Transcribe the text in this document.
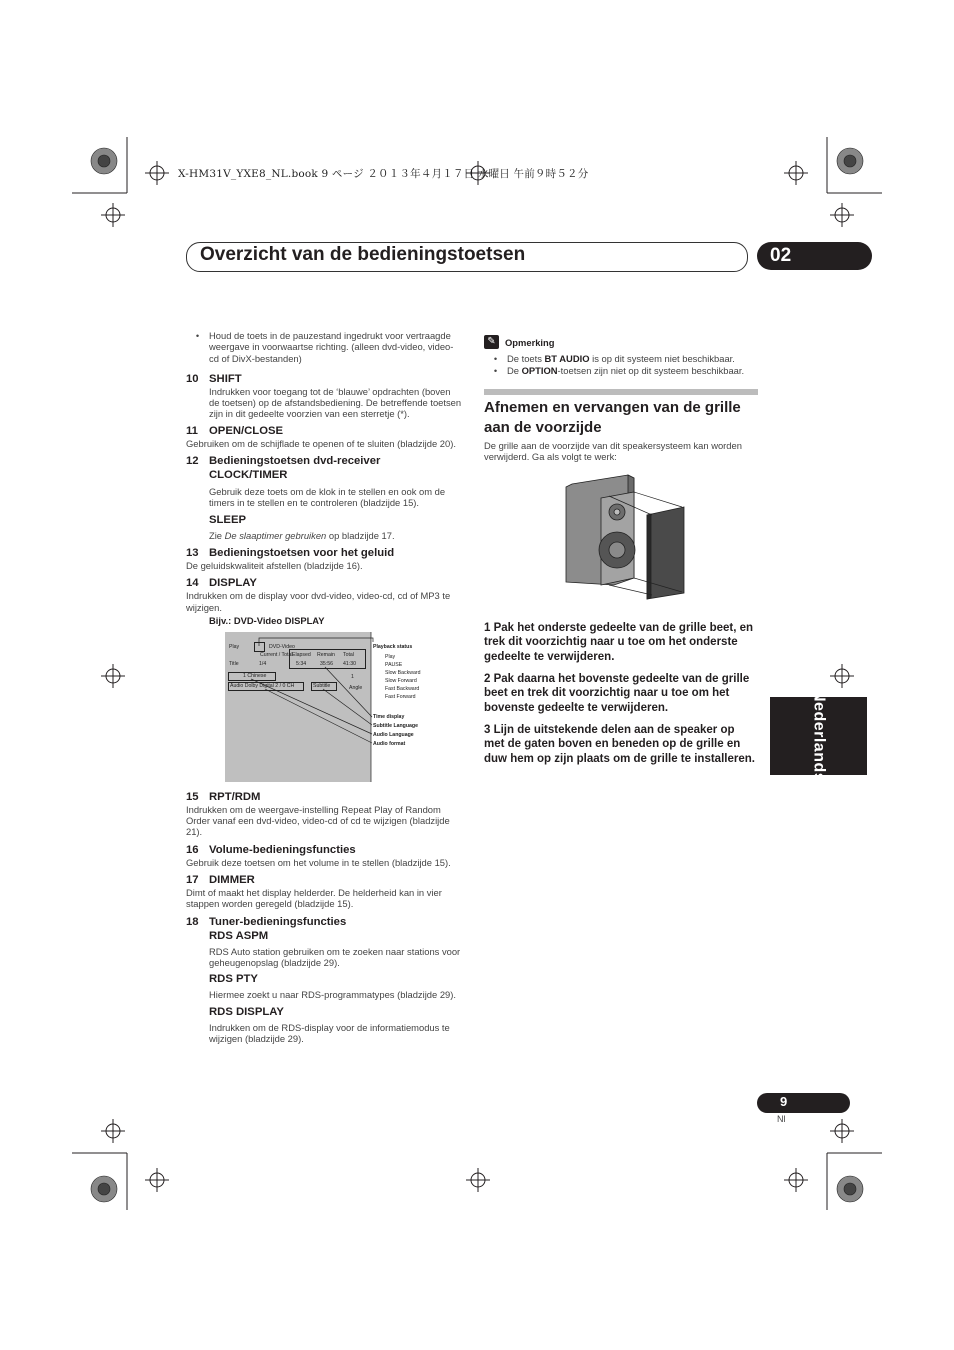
X-HM31V_YXE8_NL.book 9 ページ ２０１３年４月１７日 水曜日 午前９時５２分
Overzicht van de bedieningstoetsen	02
Nederlands
•	Houd de toets in de pauzestand ingedrukt voor vertraagde weergave in voorwaartse richting. (alleen dvd-video, video-cd of DivX-bestanden)
10 SHIFT
Indrukken voor toegang tot de ‘blauwe’ opdrachten (boven de toetsen) op de afstandsbediening. De betreffende toetsen zijn in dit gedeelte voorzien van een sterretje (*).
11 OPEN/CLOSE
Gebruiken om de schijflade te openen of te sluiten (bladzijde 20).
12 Bedieningstoetsen dvd-receiver
CLOCK/TIMER
Gebruik deze toets om de klok in te stellen en ook om de timers in te stellen en te controleren (bladzijde 15).
SLEEP
Zie De slaaptimer gebruiken op bladzijde 17.
13 Bedieningstoetsen voor het geluid
De geluidskwaliteit afstellen (bladzijde 16).
14 DISPLAY
Indrukken om de display voor dvd-video, video-cd, cd of MP3 te wijzigen.
Bijv.: DVD-Video DISPLAY
Play	DVD-Video
Current / Total Elapsed Remain Total
Title	1/4	5:34	35:56 41:30
1 Chinese
Audio Dolby Digital 2 / 0 CH	Subtitle
1
Angle
Playback status
Play
PAUSE
Slow Backward
Slow Forward
Fast Backward
Fast Forward
Time display
Subtitle Language
Audio Language
Audio format
15 RPT/RDM
Indrukken om de weergave-instelling Repeat Play of Random Order vanaf een dvd-video, video-cd of cd te wijzigen (bladzijde 21).
16 Volume-bedieningsfuncties
Gebruik deze toetsen om het volume in te stellen (bladzijde 15).
17 DIMMER
Dimt of maakt het display helderder. De helderheid kan in vier stappen worden geregeld (bladzijde 15).
18 Tuner-bedieningsfuncties
RDS ASPM
RDS Auto station gebruiken om te zoeken naar stations voor geheugenopslag (bladzijde 29).
RDS PTY
Hiermee zoekt u naar RDS-programmatypes (bladzijde 29).
RDS DISPLAY
Indrukken om de RDS-display voor de informatiemodus te wijzigen (bladzijde 29).
✎ Opmerking
•	De toets BT AUDIO is op dit systeem niet beschikbaar.
•	De OPTION-toetsen zijn niet op dit systeem beschikbaar.
Afnemen en vervangen van de grille aan de voorzijde
De grille aan de voorzijde van dit speakersysteem kan worden verwijderd. Ga als volgt te werk:
1 Pak het onderste gedeelte van de grille beet, en trek dit voorzichtig naar u toe om het onderste gedeelte te verwijderen.
2 Pak daarna het bovenste gedeelte van de grille beet en trek dit voorzichtig naar u toe om het bovenste gedeelte te verwijderen.
3 Lijn de uitstekende delen aan de speaker op met de gaten boven en beneden op de grille en duw hem op zijn plaats om de grille te installeren.
9
Nl
